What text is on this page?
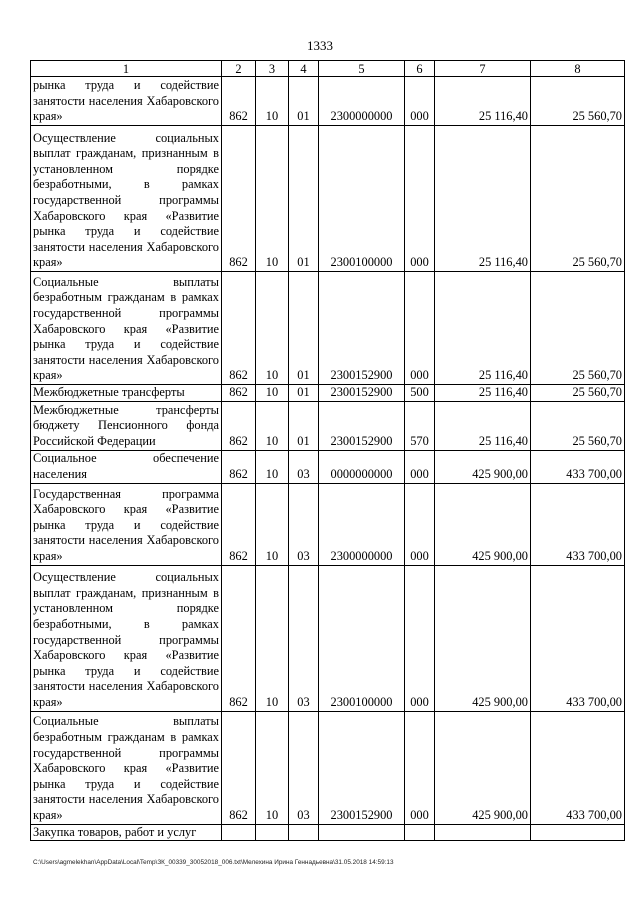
1333
1	2	3	4	5	6	7	8
рынка труда и содействие занятости населения Хабаровского края»	862	10	01	2300000000	000	25 116,40	25 560,70
Осуществление социальных выплат гражданам, признанным в установленном порядке безработными, в рамках государственной программы Хабаровского края «Развитие рынка труда и содействие занятости населения Хабаровского края»	862	10	01	2300100000	000	25 116,40	25 560,70
Социальные выплаты безработным гражданам в рамках государственной программы Хабаровского края «Развитие рынка труда и содействие занятости населения Хабаровского края»	862	10	01	2300152900	000	25 116,40	25 560,70
Межбюджетные трансферты	862	10	01	2300152900	500	25 116,40	25 560,70
Межбюджетные трансферты бюджету Пенсионного фонда Российской Федерации	862	10	01	2300152900	570	25 116,40	25 560,70
Социальное обеспечение населения	862	10	03	0000000000	000	425 900,00	433 700,00
Государственная программа Хабаровского края «Развитие рынка труда и содействие занятости населения Хабаровского края»	862	10	03	2300000000	000	425 900,00	433 700,00
Осуществление социальных выплат гражданам, признанным в установленном порядке безработными, в рамках государственной программы Хабаровского края «Развитие рынка труда и содействие занятости населения Хабаровского края»	862	10	03	2300100000	000	425 900,00	433 700,00
Социальные выплаты безработным гражданам в рамках государственной программы Хабаровского края «Развитие рынка труда и содействие занятости населения Хабаровского края»	862	10	03	2300152900	000	425 900,00	433 700,00
Закупка товаров, работ и услуг							
C:\Users\agmelekhan\AppData\Local\Temp\ЗК_00339_30052018_006.txt\Мелехина Ирина Геннадьевна\31.05.2018 14:59:13
